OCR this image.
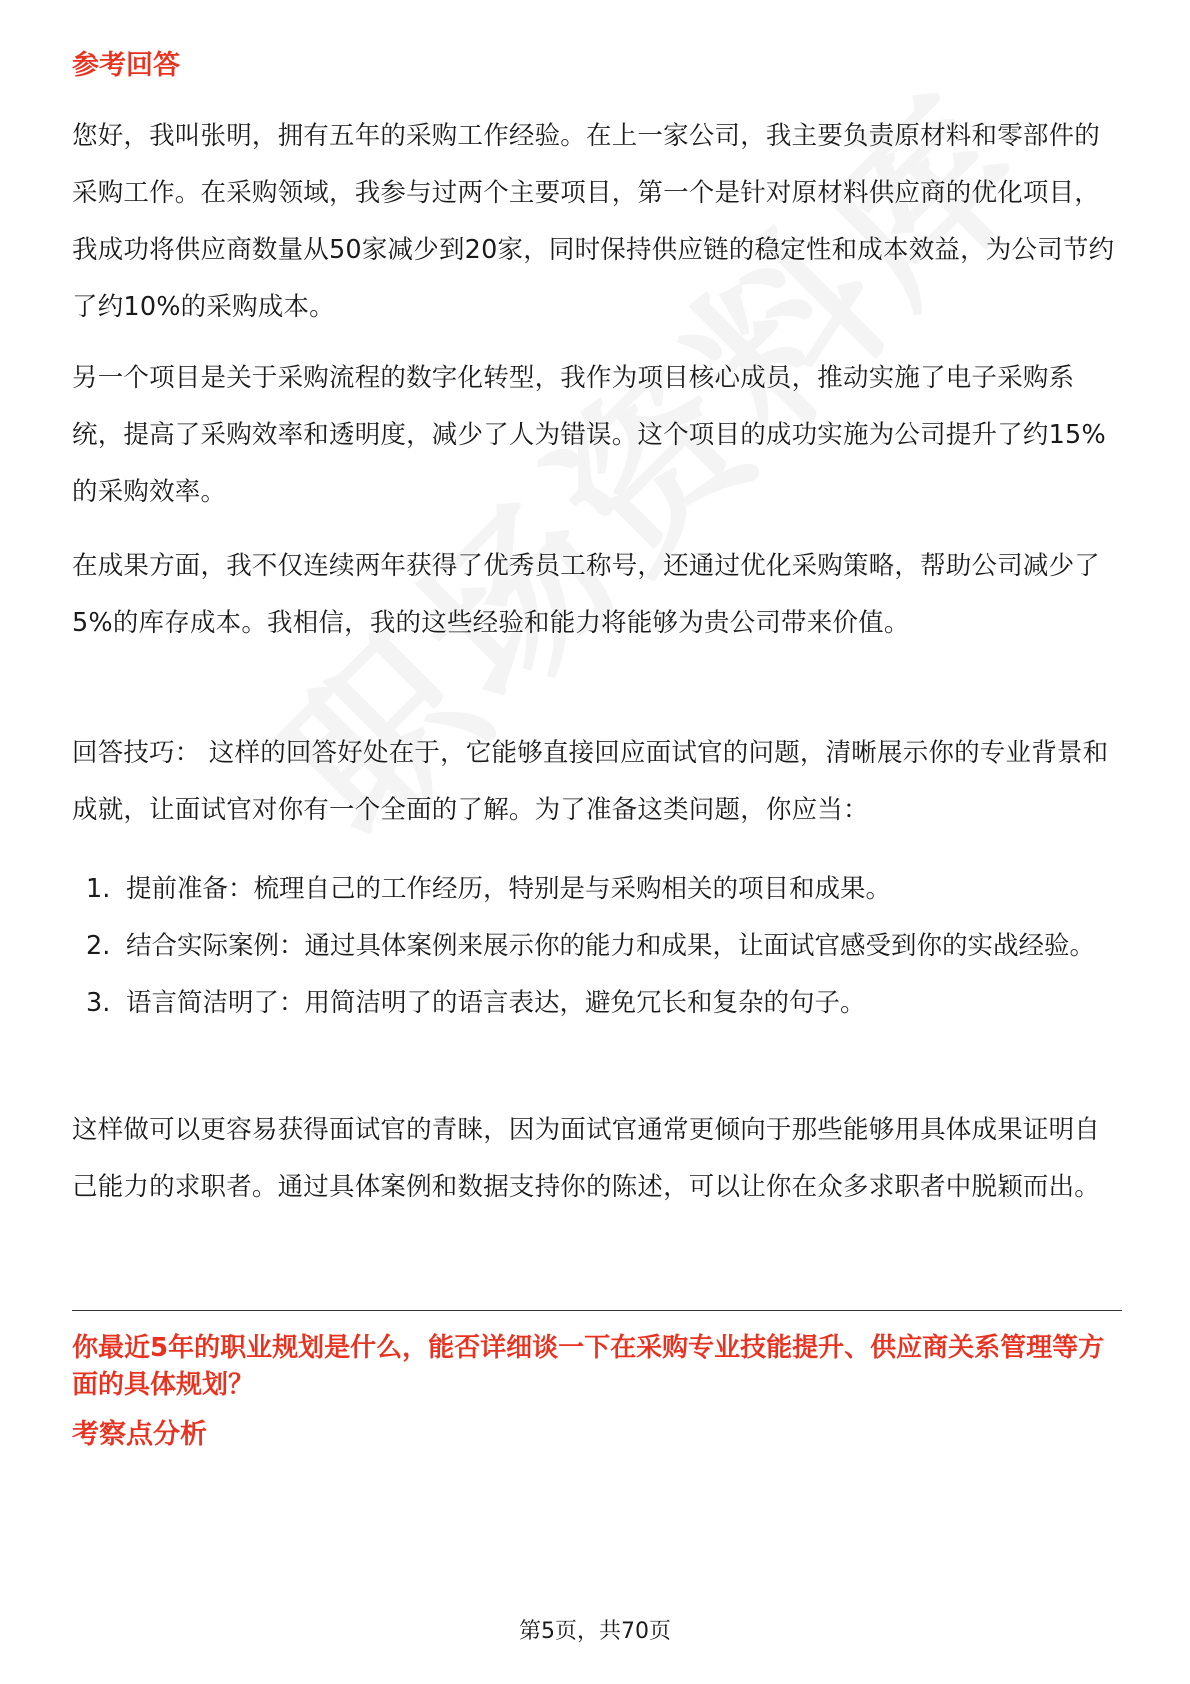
参考回答

您好，我叫张明，拥有五年的采购工作经验。在上一家公司，我主要负责原材料和零部件的采购工作。在采购领域，我参与过两个主要项目，第一个是针对原材料供应商的优化项目，我成功将供应商数量从50家减少到20家，同时保持供应链的稳定性和成本效益，为公司节约了约10%的采购成本。

另一个项目是关于采购流程的数字化转型，我作为项目核心成员，推动实施了电子采购系统，提高了采购效率和透明度，减少了人为错误。这个项目的成功实施为公司提升了约15%的采购效率。

在成果方面，我不仅连续两年获得了优秀员工称号，还通过优化采购策略，帮助公司减少了5%的库存成本。我相信，我的这些经验和能力将能够为贵公司带来价值。

回答技巧： 这样的回答好处在于，它能够直接回应面试官的问题，清晰展示你的专业背景和成就，让面试官对你有一个全面的了解。为了准备这类问题，你应当：

1. 提前准备：梳理自己的工作经历，特别是与采购相关的项目和成果。
2. 结合实际案例：通过具体案例来展示你的能力和成果，让面试官感受到你的实战经验。
3. 语言简洁明了：用简洁明了的语言表达，避免冗长和复杂的句子。

这样做可以更容易获得面试官的青睐，因为面试官通常更倾向于那些能够用具体成果证明自己能力的求职者。通过具体案例和数据支持你的陈述，可以让你在众多求职者中脱颖而出。

你最近5年的职业规划是什么，能否详细谈一下在采购专业技能提升、供应商关系管理等方面的具体规划？

考察点分析
第5页，共70页
